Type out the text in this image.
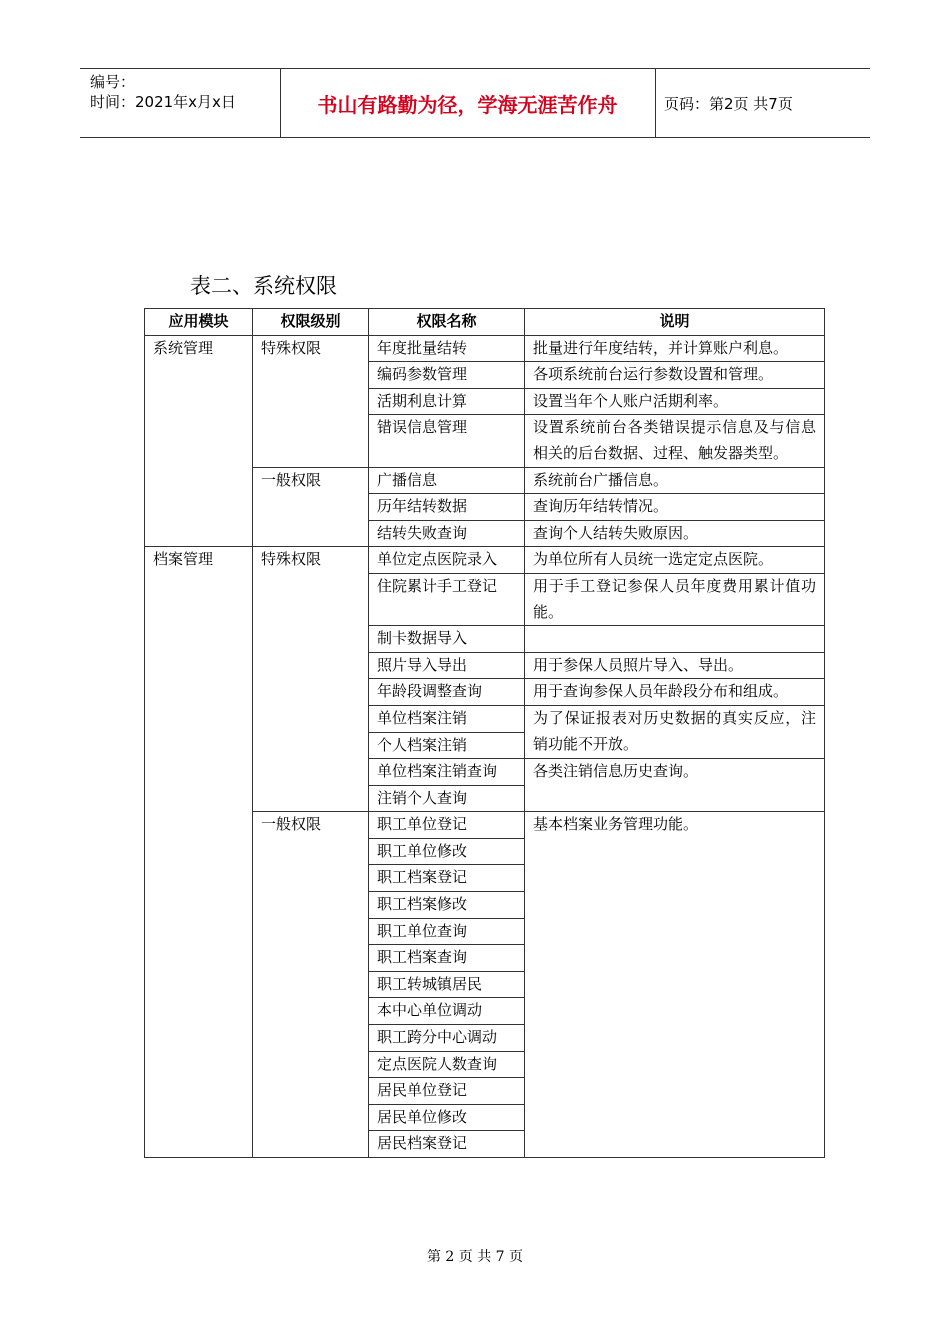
编号：
时间：2021年x月x日	书山有路勤为径，学海无涯苦作舟	页码：第2页 共7页
表二、系统权限
应用模块	权限级别	权限名称	说明
系统管理	特殊权限	年度批量结转	批量进行年度结转，并计算账户利息。
		编码参数管理	各项系统前台运行参数设置和管理。
		活期利息计算	设置当年个人账户活期利率。
		错误信息管理	设置系统前台各类错误提示信息及与信息相关的后台数据、过程、触发器类型。
	一般权限	广播信息	系统前台广播信息。
		历年结转数据	查询历年结转情况。
		结转失败查询	查询个人结转失败原因。
档案管理	特殊权限	单位定点医院录入	为单位所有人员统一选定定点医院。
		住院累计手工登记	用于手工登记参保人员年度费用累计值功能。
		制卡数据导入	
		照片导入导出	用于参保人员照片导入、导出。
		年龄段调整查询	用于查询参保人员年龄段分布和组成。
		单位档案注销	为了保证报表对历史数据的真实反应，注销功能不开放。
		个人档案注销	
		单位档案注销查询	各类注销信息历史查询。
		注销个人查询	
	一般权限	职工单位登记	基本档案业务管理功能。
		职工单位修改	
		职工档案登记	
		职工档案修改	
		职工单位查询	
		职工档案查询	
		职工转城镇居民	
		本中心单位调动	
		职工跨分中心调动	
		定点医院人数查询	
		居民单位登记	
		居民单位修改	
		居民档案登记	
第 2 页 共 7 页
